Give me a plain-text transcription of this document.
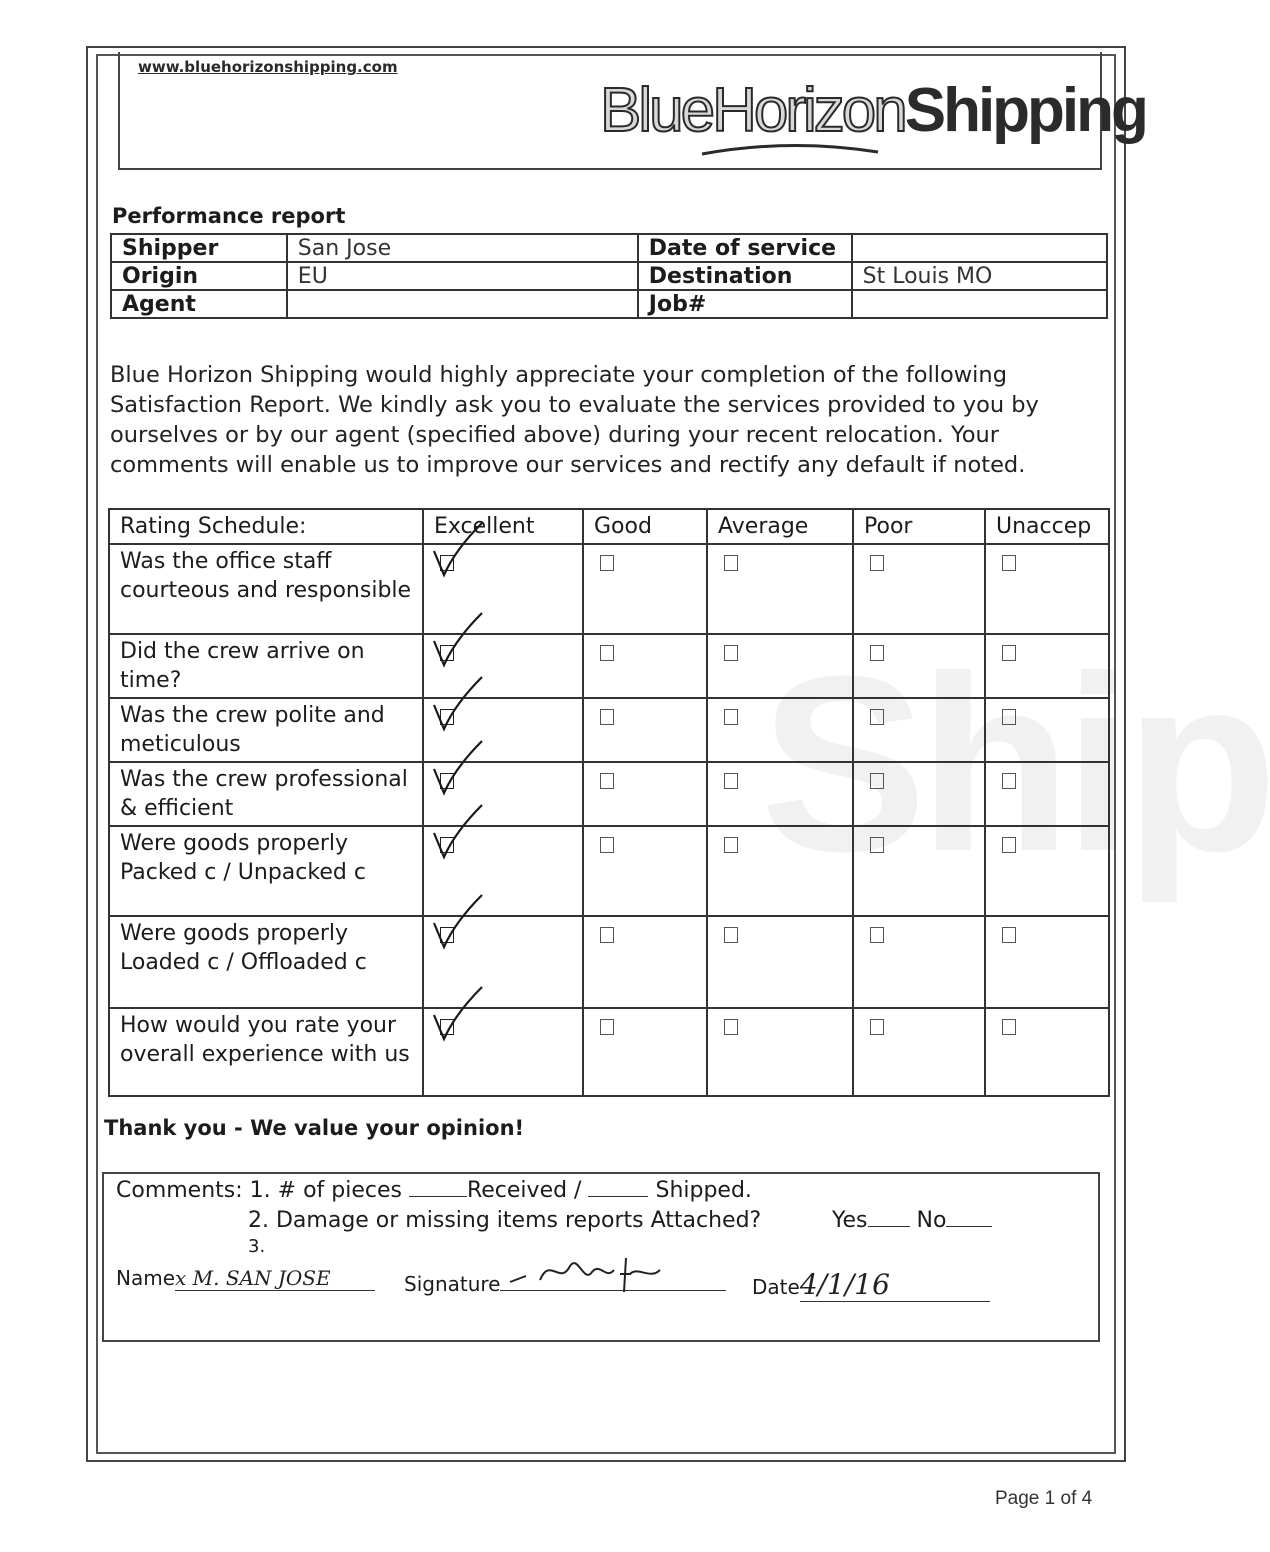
Ship
www.bluehorizonshipping.com
BlueHorizonShipping
Performance report
Shipper	San Jose	Date of service	
Origin	EU	Destination	St Louis MO
Agent		Job#	
Blue Horizon Shipping would highly appreciate your completion of the following Satisfaction Report. We kindly ask you to evaluate the services provided to you by ourselves or by our agent (specified above) during your recent relocation. Your comments will enable us to improve our services and rectify any default if noted.
Rating Schedule:	Excellent	Good	Average	Poor	Unaccep
Was the office staff courteous and responsible	

Did the crew arrive on time?	

Was the crew polite and meticulous	

Was the crew professional & efficient	

Were goods properly Packed c / Unpacked c	

Were goods properly Loaded c / Offloaded c	

How would you rate your overall experience with us	

Thank you - We value your opinion!
Comments: 1. # of pieces	Received /	Shipped.
2. Damage or missing items reports Attached?	Yes No
3.
Namex M. SAN JOSE	Signature	Date4/1/16
Page 1 of 4
